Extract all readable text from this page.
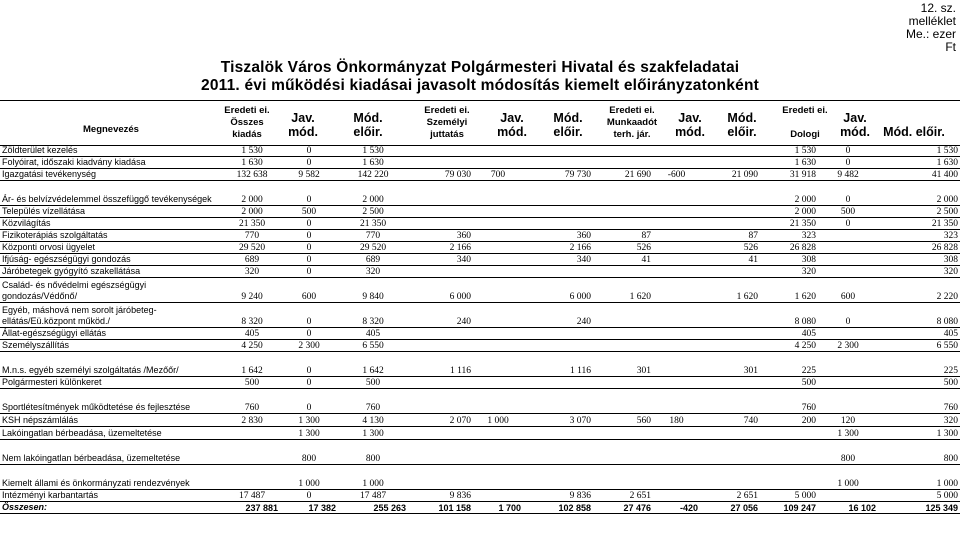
12. sz.
melléklet
Me.: ezer
Ft
Tiszalök Város Önkormányzat Polgármesteri Hivatal és szakfeladatai
2011. évi működési kiadásai javasolt módosítás kiemelt előirányzatonként
Megnevezés
Eredeti ei.
Összes
kiadás
Jav.
mód.
Mód.
előir.
Eredeti ei.
Személyi
juttatás
Jav.
mód.
Mód.
előir.
Eredeti ei.
Munkaadót
terh. jár.
Jav.
mód.
Mód.
előir.
Eredeti ei.
Dologi
Jav.
mód.	Mód. előir.
Zöldterület kezelés	1 530	0	1 530							1 530	0	1 530
Folyóirat, időszaki kiadvány kiadása	1 630	0	1 630							1 630	0	1 630
Igazgatási tevékenység	132 638	9 582	142 220	79 030	700	79 730	21 690	-600	21 090	31 918	9 482	41 400
Ár- és belvízvédelemmel összefüggő tevékenységek	2 000	0	2 000							2 000	0	2 000
Település vízellátása	2 000	500	2 500							2 000	500	2 500
Közvilágítás	21 350	0	21 350							21 350	0	21 350
Fizikoterápiás szolgáltatás	770	0	770	360		360	87		87	323		323
Központi orvosi ügyelet	29 520	0	29 520	2 166		2 166	526		526	26 828		26 828
Ifjúság- egészségügyi gondozás	689	0	689	340		340	41		41	308		308
Járóbetegek gyógyító szakellátása	320	0	320							320		320
Család- és nővédelmi egészségügyi gondozás/Védőnő/	9 240	600	9 840	6 000		6 000	1 620		1 620	1 620	600	2 220
Egyéb, máshová nem sorolt járóbeteg-ellátás/Eü.központ működ./	8 320	0	8 320	240		240				8 080	0	8 080
Állat-egészségügyi ellátás	405	0	405							405		405
Személyszállítás	4 250	2 300	6 550							4 250	2 300	6 550
M.n.s. egyéb személyi szolgáltatás /Mezőőr/	1 642	0	1 642	1 116		1 116	301		301	225		225
Polgármesteri különkeret	500	0	500							500		500
Sportlétesítmények működtetése és fejlesztése	760	0	760							760		760
KSH népszámlálás	2 830	1 300	4 130	2 070	1 000	3 070	560	180	740	200	120	320
Lakóingatlan bérbeadása, üzemeltetése		1 300	1 300								1 300	1 300
Nem lakóingatlan bérbeadása, üzemeltetése		800	800								800	800
Kiemelt állami és önkormányzati rendezvények		1 000	1 000								1 000	1 000
Intézményi karbantartás	17 487	0	17 487	9 836		9 836	2 651		2 651	5 000		5 000
Összesen:	237 881	17 382	255 263	101 158	1 700	102 858	27 476	-420	27 056	109 247	16 102	125 349
